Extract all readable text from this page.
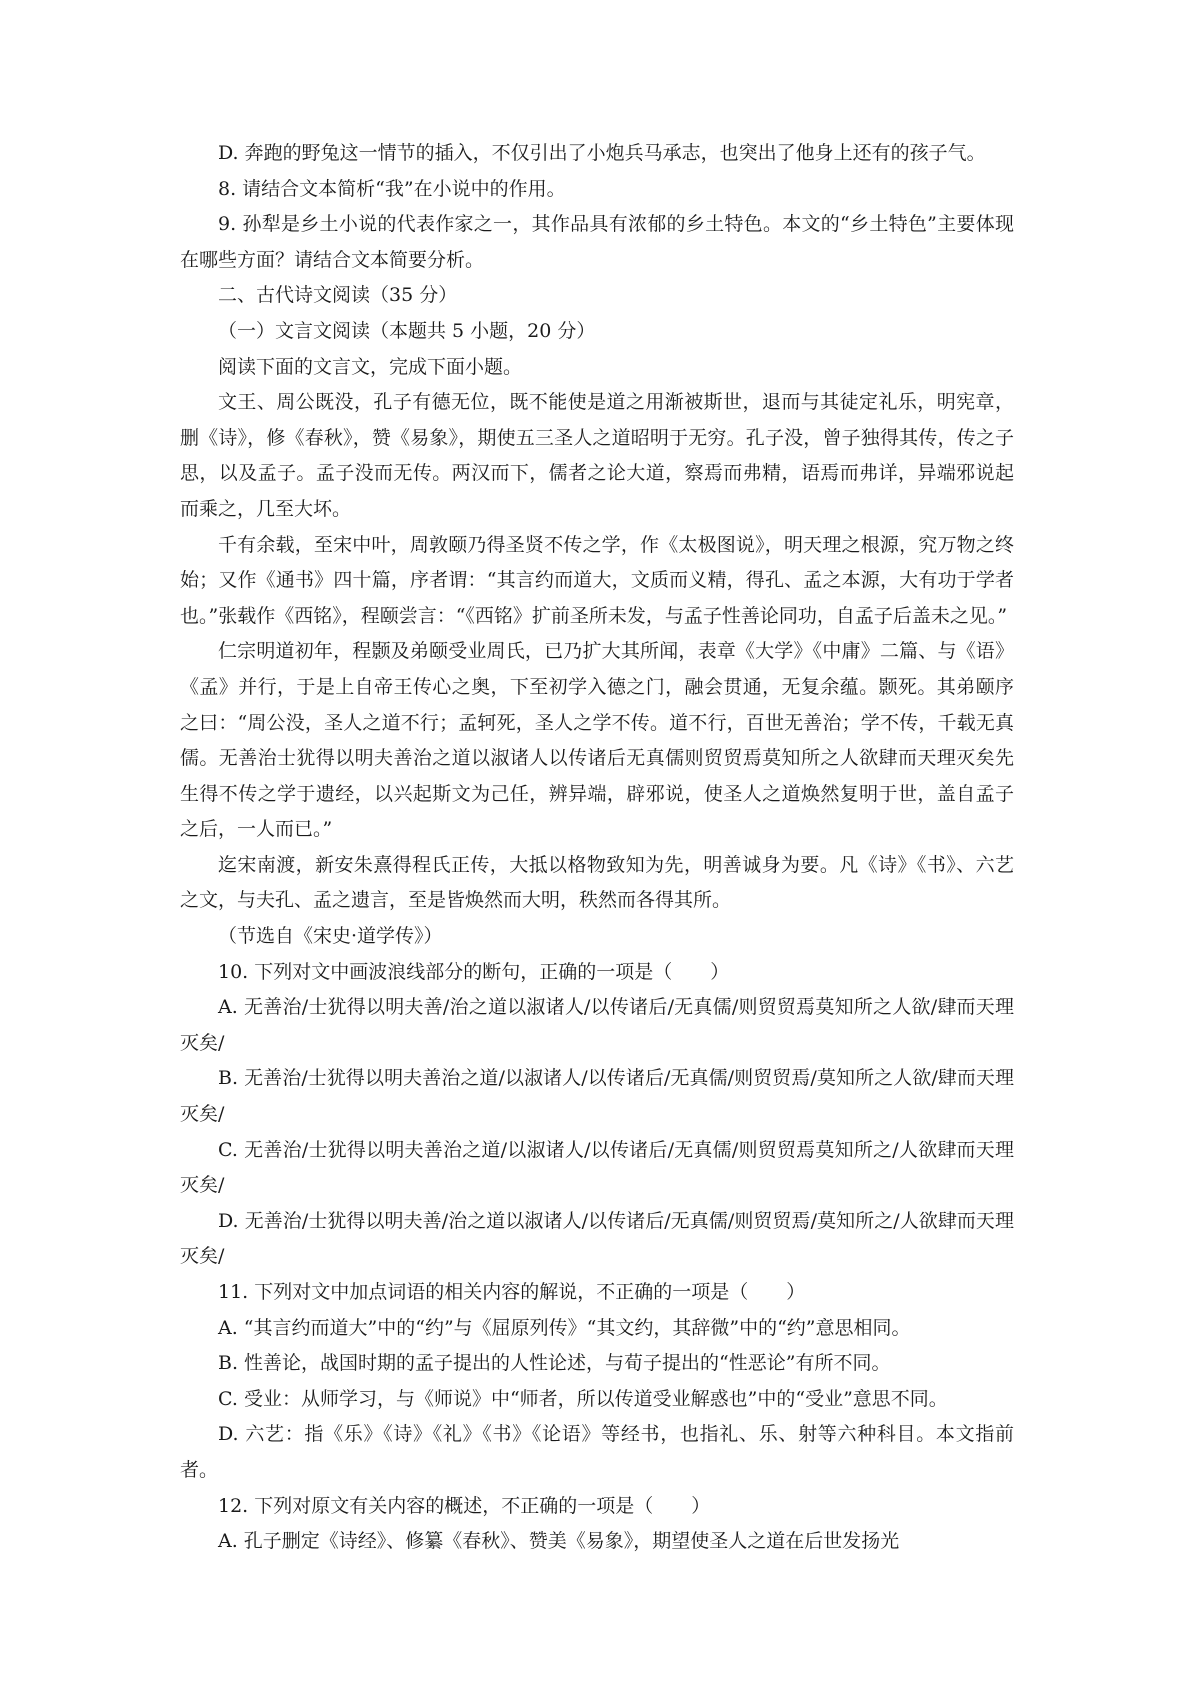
D. 奔跑的野兔这一情节的插入，不仅引出了小炮兵马承志，也突出了他身上还有的孩子气。

8. 请结合文本简析“我”在小说中的作用。

9. 孙犁是乡土小说的代表作家之一，其作品具有浓郁的乡土特色。本文的“乡土特色”主要体现在哪些方面？请结合文本简要分析。

二、古代诗文阅读（35 分）

（一）文言文阅读（本题共 5 小题，20 分）

阅读下面的文言文，完成下面小题。

文王、周公既没，孔子有德无位，既不能使是道之用渐被斯世，退而与其徒定礼乐，明宪章，删《诗》，修《春秋》，赞《易象》，期使五三圣人之道昭明于无穷。孔子没，曾子独得其传，传之子思，以及孟子。孟子没而无传。两汉而下，儒者之论大道，察焉而弗精，语焉而弗详，异端邪说起而乘之，几至大坏。

千有余载，至宋中叶，周敦颐乃得圣贤不传之学，作《太极图说》，明天理之根源，究万物之终始；又作《通书》四十篇，序者谓：“其言约而道大，文质而义精，得孔、孟之本源，大有功于学者也。”张载作《西铭》，程颐尝言：“《西铭》扩前圣所未发，与孟子性善论同功，自孟子后盖未之见。”

仁宗明道初年，程颢及弟颐受业周氏，已乃扩大其所闻，表章《大学》《中庸》二篇、与《语》《孟》并行，于是上自帝王传心之奥，下至初学入德之门，融会贯通，无复余蕴。颢死。其弟颐序之曰：“周公没，圣人之道不行；孟轲死，圣人之学不传。道不行，百世无善治；学不传，千载无真儒。无善治士犹得以明夫善治之道以淑诸人以传诸后无真儒则贸贸焉莫知所之人欲肆而天理灭矣先生得不传之学于遗经，以兴起斯文为己任，辨异端，辟邪说，使圣人之道焕然复明于世，盖自孟子之后，一人而已。”

迄宋南渡，新安朱熹得程氏正传，大抵以格物致知为先，明善诚身为要。凡《诗》《书》、六艺之文，与夫孔、孟之遗言，至是皆焕然而大明，秩然而各得其所。

（节选自《宋史·道学传》）

10. 下列对文中画波浪线部分的断句，正确的一项是（　　）

A. 无善治/士犹得以明夫善/治之道以淑诸人/以传诸后/无真儒/则贸贸焉莫知所之人欲/肆而天理灭矣/

B. 无善治/士犹得以明夫善治之道/以淑诸人/以传诸后/无真儒/则贸贸焉/莫知所之人欲/肆而天理灭矣/

C. 无善治/士犹得以明夫善治之道/以淑诸人/以传诸后/无真儒/则贸贸焉莫知所之/人欲肆而天理灭矣/

D. 无善治/士犹得以明夫善/治之道以淑诸人/以传诸后/无真儒/则贸贸焉/莫知所之/人欲肆而天理灭矣/

11. 下列对文中加点词语的相关内容的解说，不正确的一项是（　　）

A. “其言约而道大”中的“约”与《屈原列传》“其文约，其辞微”中的“约”意思相同。

B. 性善论，战国时期的孟子提出的人性论述，与荀子提出的“性恶论”有所不同。

C. 受业：从师学习，与《师说》中“师者，所以传道受业解惑也”中的“受业”意思不同。

D. 六艺：指《乐》《诗》《礼》《书》《论语》等经书，也指礼、乐、射等六种科目。本文指前者。

12. 下列对原文有关内容的概述，不正确的一项是（　　）

A. 孔子删定《诗经》、修纂《春秋》、赞美《易象》，期望使圣人之道在后世发扬光
